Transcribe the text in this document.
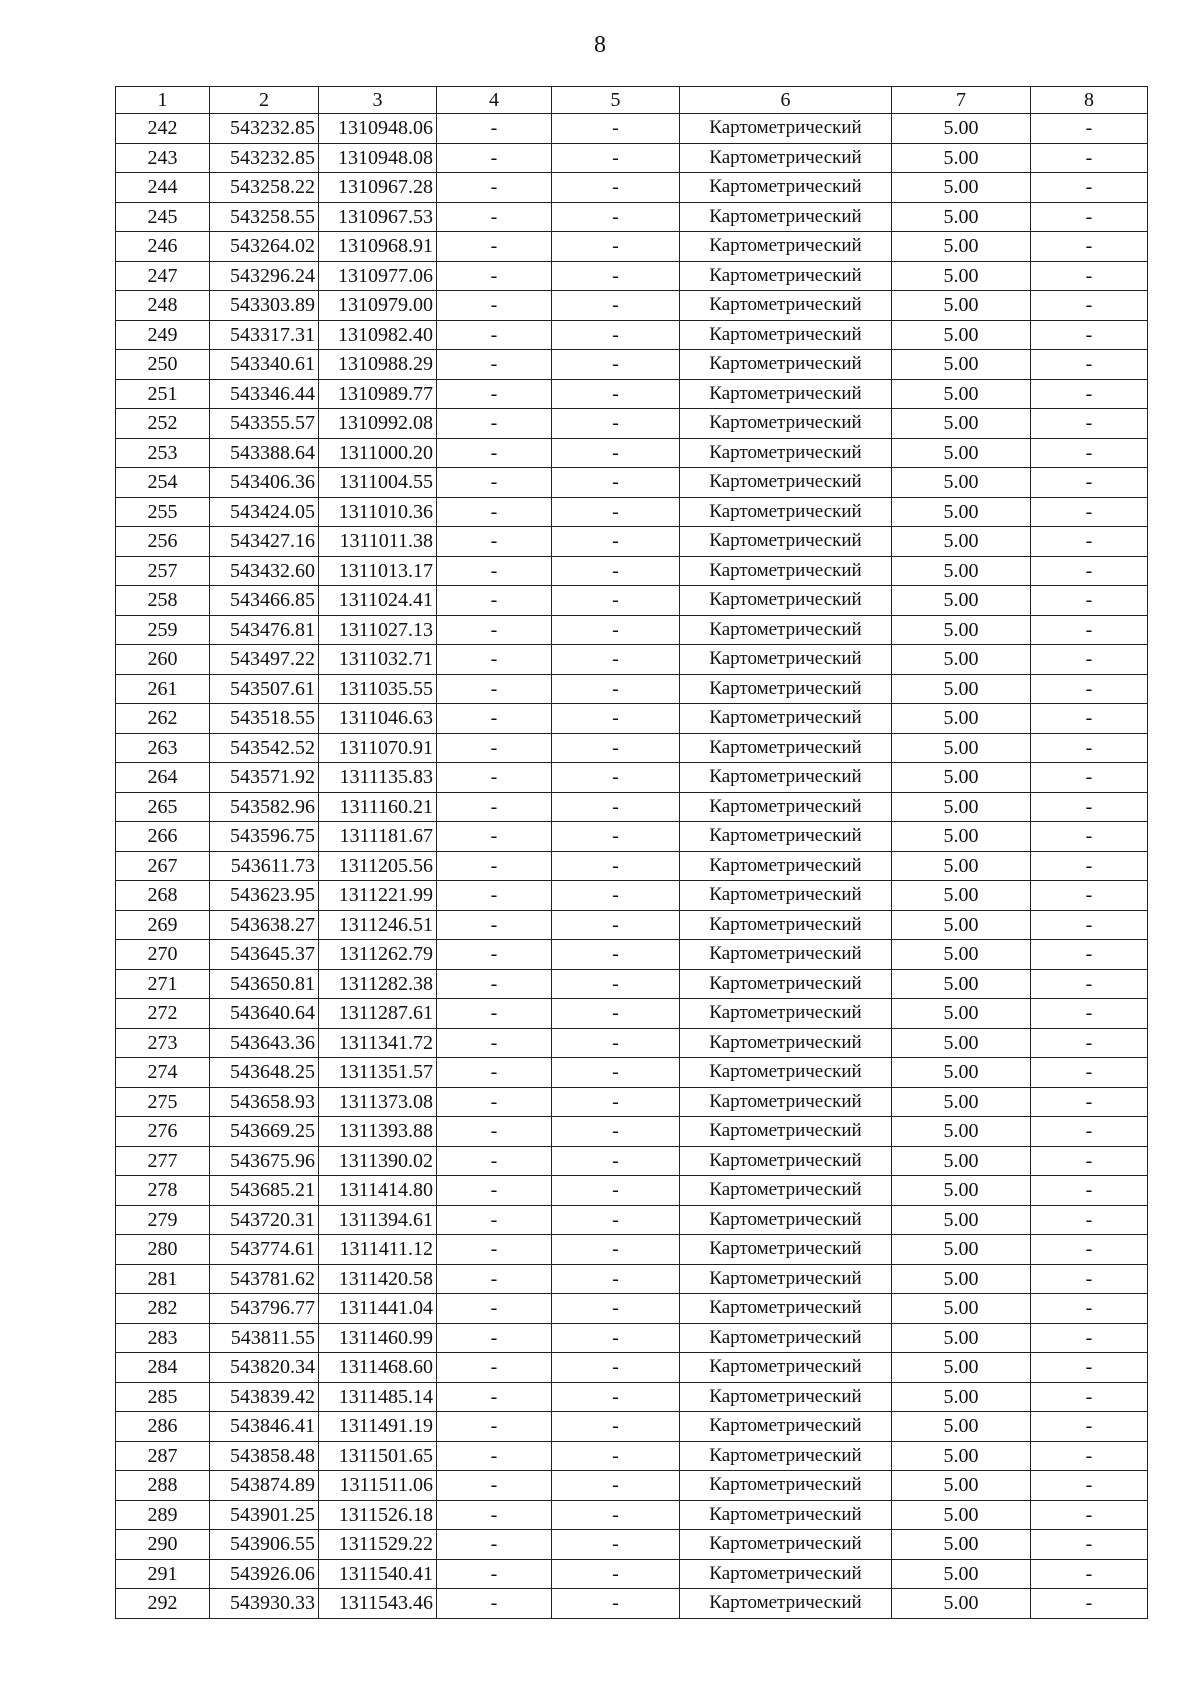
8
1	2	3	4	5	6	7	8
242	543232.85	1310948.06	-	-	Картометрический	5.00	-
243	543232.85	1310948.08	-	-	Картометрический	5.00	-
244	543258.22	1310967.28	-	-	Картометрический	5.00	-
245	543258.55	1310967.53	-	-	Картометрический	5.00	-
246	543264.02	1310968.91	-	-	Картометрический	5.00	-
247	543296.24	1310977.06	-	-	Картометрический	5.00	-
248	543303.89	1310979.00	-	-	Картометрический	5.00	-
249	543317.31	1310982.40	-	-	Картометрический	5.00	-
250	543340.61	1310988.29	-	-	Картометрический	5.00	-
251	543346.44	1310989.77	-	-	Картометрический	5.00	-
252	543355.57	1310992.08	-	-	Картометрический	5.00	-
253	543388.64	1311000.20	-	-	Картометрический	5.00	-
254	543406.36	1311004.55	-	-	Картометрический	5.00	-
255	543424.05	1311010.36	-	-	Картометрический	5.00	-
256	543427.16	1311011.38	-	-	Картометрический	5.00	-
257	543432.60	1311013.17	-	-	Картометрический	5.00	-
258	543466.85	1311024.41	-	-	Картометрический	5.00	-
259	543476.81	1311027.13	-	-	Картометрический	5.00	-
260	543497.22	1311032.71	-	-	Картометрический	5.00	-
261	543507.61	1311035.55	-	-	Картометрический	5.00	-
262	543518.55	1311046.63	-	-	Картометрический	5.00	-
263	543542.52	1311070.91	-	-	Картометрический	5.00	-
264	543571.92	1311135.83	-	-	Картометрический	5.00	-
265	543582.96	1311160.21	-	-	Картометрический	5.00	-
266	543596.75	1311181.67	-	-	Картометрический	5.00	-
267	543611.73	1311205.56	-	-	Картометрический	5.00	-
268	543623.95	1311221.99	-	-	Картометрический	5.00	-
269	543638.27	1311246.51	-	-	Картометрический	5.00	-
270	543645.37	1311262.79	-	-	Картометрический	5.00	-
271	543650.81	1311282.38	-	-	Картометрический	5.00	-
272	543640.64	1311287.61	-	-	Картометрический	5.00	-
273	543643.36	1311341.72	-	-	Картометрический	5.00	-
274	543648.25	1311351.57	-	-	Картометрический	5.00	-
275	543658.93	1311373.08	-	-	Картометрический	5.00	-
276	543669.25	1311393.88	-	-	Картометрический	5.00	-
277	543675.96	1311390.02	-	-	Картометрический	5.00	-
278	543685.21	1311414.80	-	-	Картометрический	5.00	-
279	543720.31	1311394.61	-	-	Картометрический	5.00	-
280	543774.61	1311411.12	-	-	Картометрический	5.00	-
281	543781.62	1311420.58	-	-	Картометрический	5.00	-
282	543796.77	1311441.04	-	-	Картометрический	5.00	-
283	543811.55	1311460.99	-	-	Картометрический	5.00	-
284	543820.34	1311468.60	-	-	Картометрический	5.00	-
285	543839.42	1311485.14	-	-	Картометрический	5.00	-
286	543846.41	1311491.19	-	-	Картометрический	5.00	-
287	543858.48	1311501.65	-	-	Картометрический	5.00	-
288	543874.89	1311511.06	-	-	Картометрический	5.00	-
289	543901.25	1311526.18	-	-	Картометрический	5.00	-
290	543906.55	1311529.22	-	-	Картометрический	5.00	-
291	543926.06	1311540.41	-	-	Картометрический	5.00	-
292	543930.33	1311543.46	-	-	Картометрический	5.00	-
